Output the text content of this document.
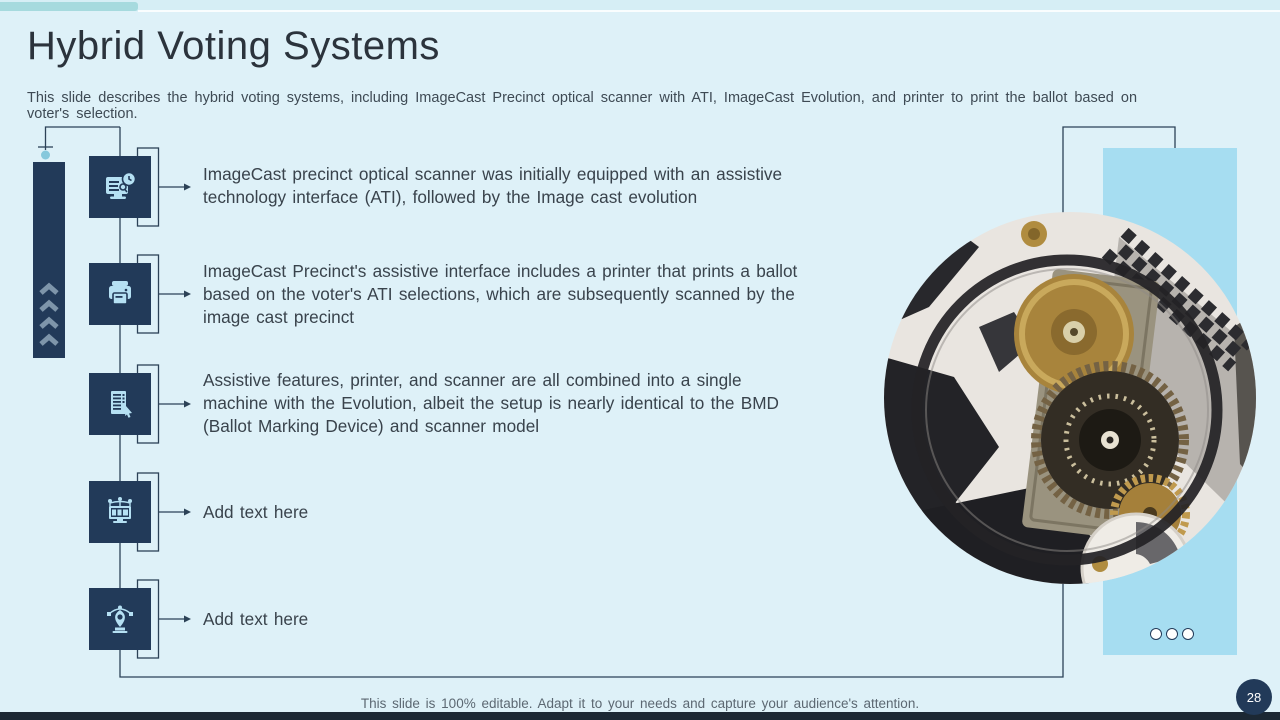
Hybrid Voting Systems
This slide describes the hybrid voting systems, including ImageCast Precinct optical scanner with ATI, ImageCast Evolution, and printer to print the ballot based on voter's selection.
ImageCast precinct optical scanner was initially equipped with an assistive technology interface (ATI), followed by the Image cast evolution
ImageCast Precinct's assistive interface includes a printer that prints a ballot based on the voter's ATI selections, which are subsequently scanned by the image cast precinct
Assistive features, printer, and scanner are all combined into a single machine with the Evolution, albeit the setup is nearly identical to the BMD (Ballot Marking Device) and scanner model
Add text here
Add text here
This slide is 100% editable. Adapt it to your needs and capture your audience's attention.	28
